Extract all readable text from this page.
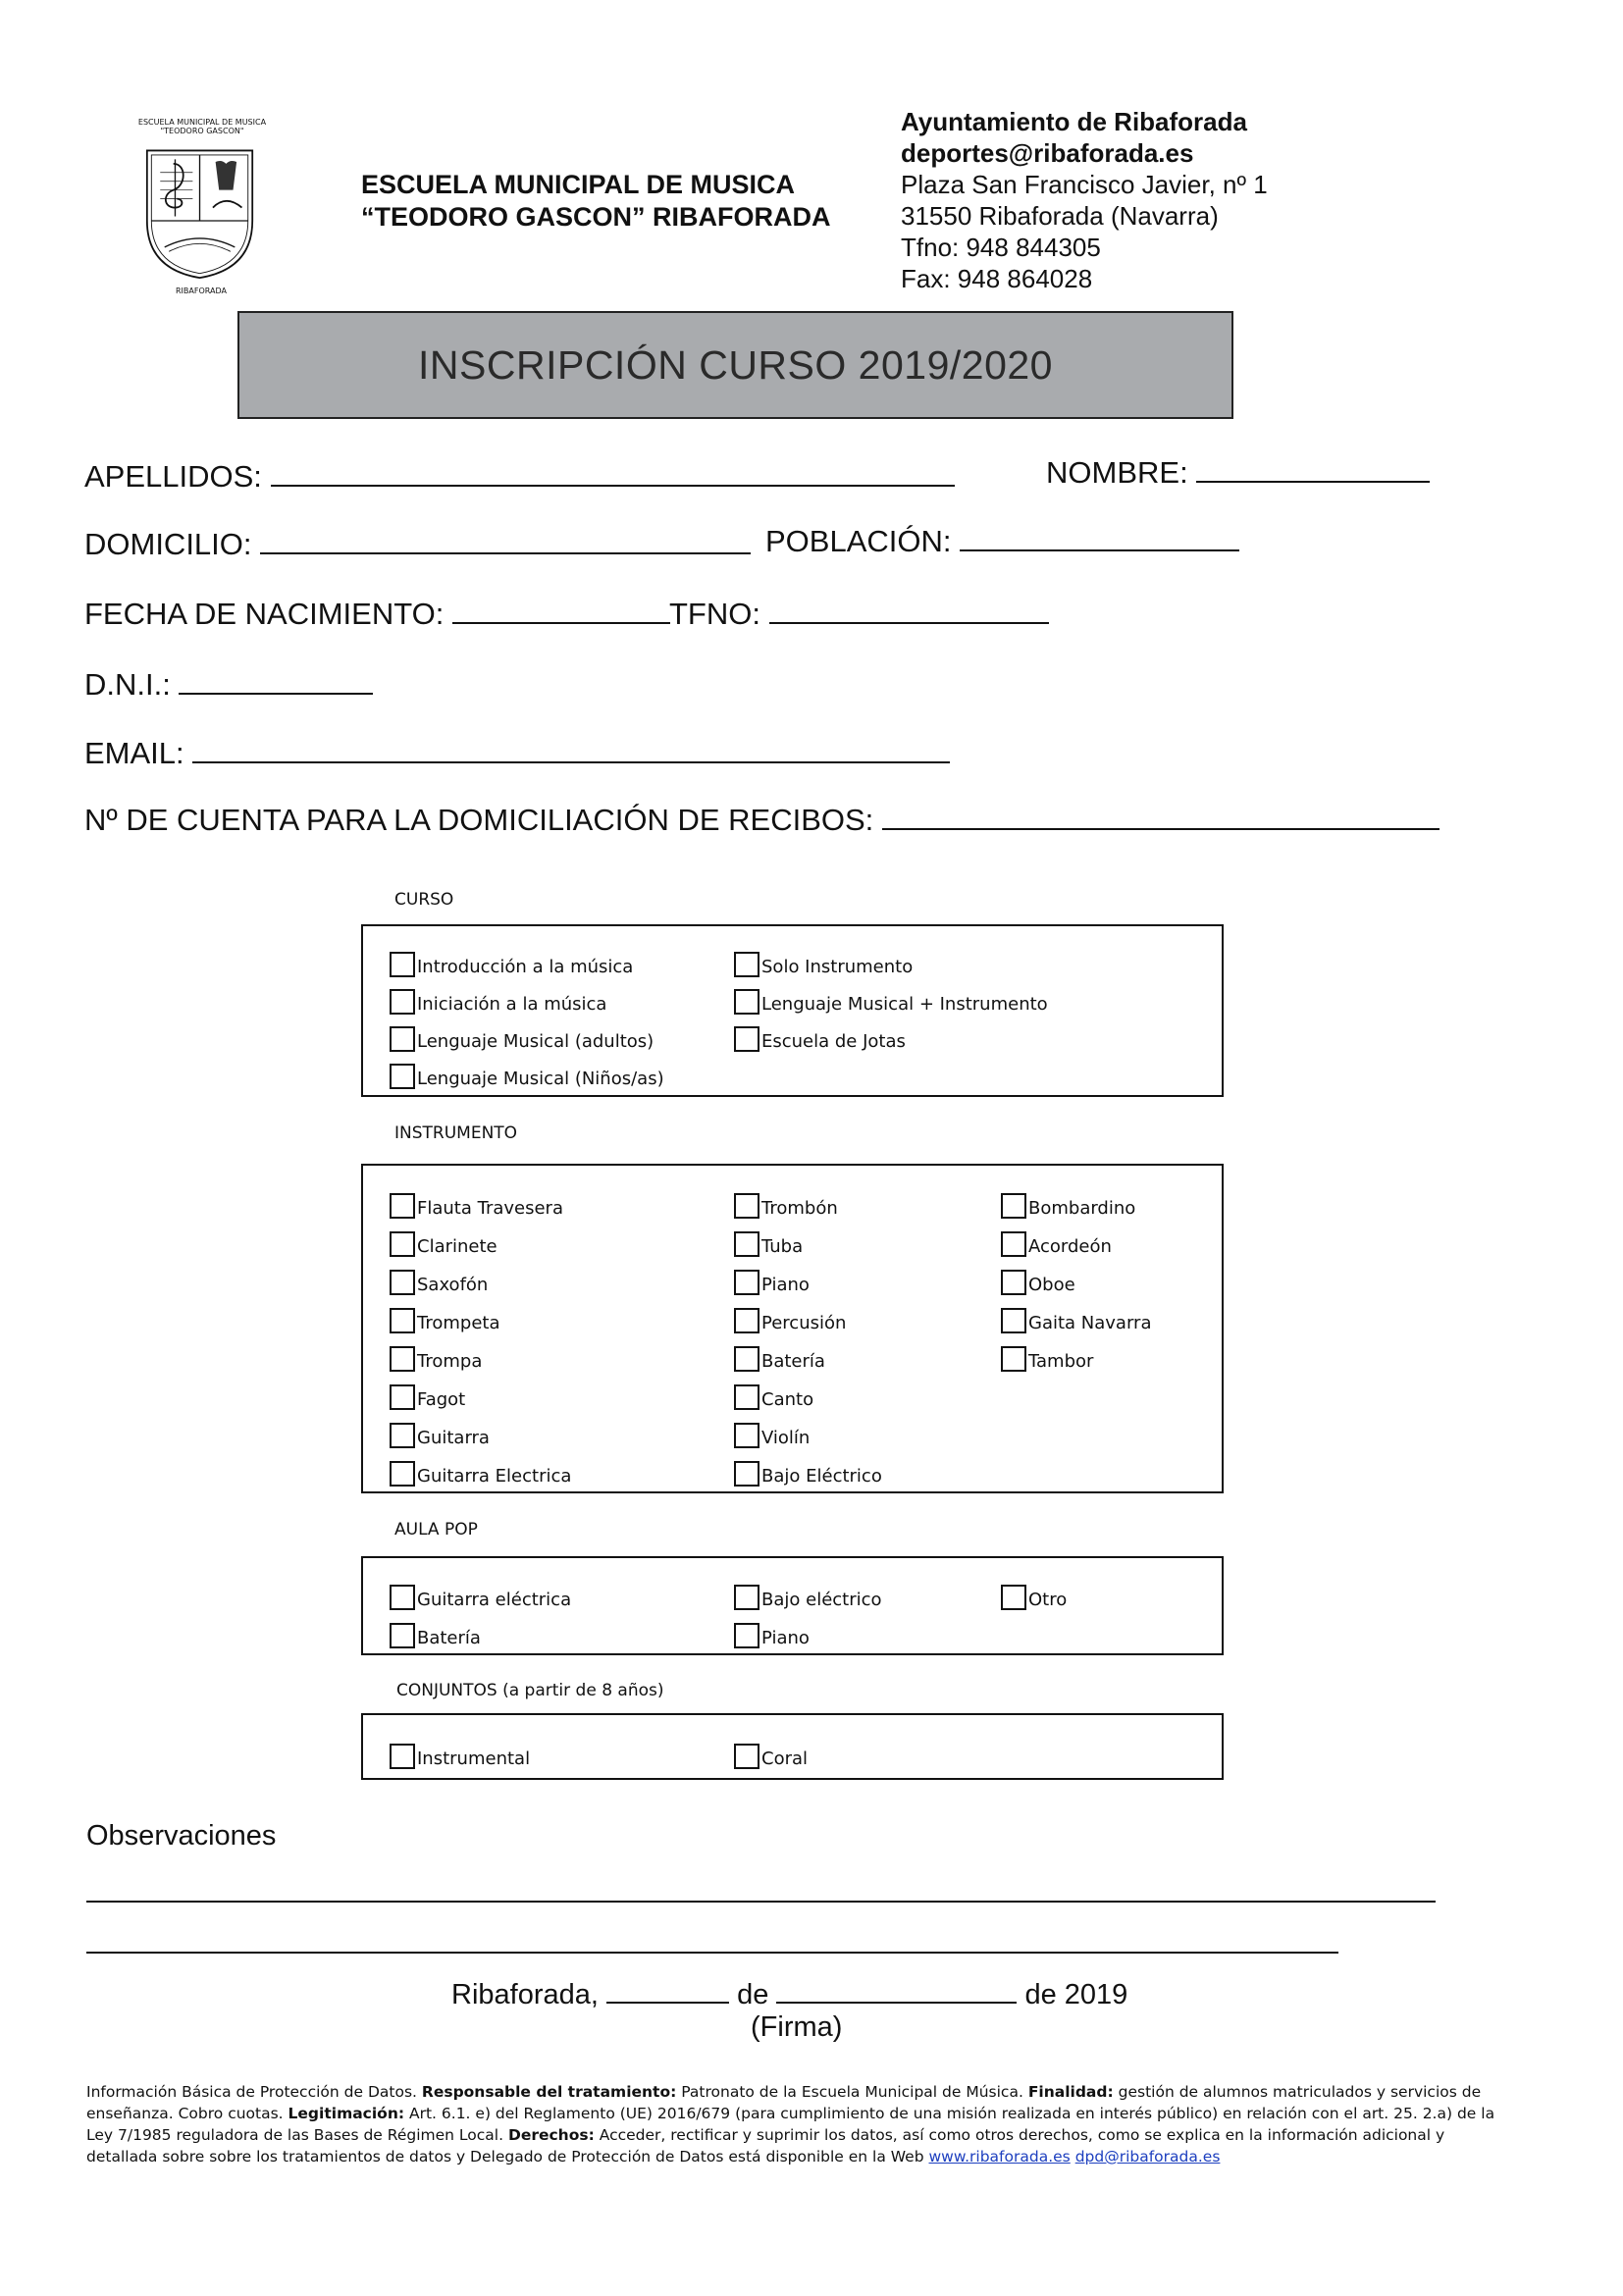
ESCUELA MUNICIPAL DE MUSICA
"TEODORO GASCON"
RIBAFORADA
ESCUELA MUNICIPAL DE MUSICA
“TEODORO GASCON” RIBAFORADA
Ayuntamiento de Ribaforada
deportes@ribaforada.es
Plaza San Francisco Javier, nº 1
31550 Ribaforada (Navarra)
Tfno: 948 844305
Fax: 948 864028
INSCRIPCIÓN CURSO 2019/2020
APELLIDOS:	NOMBRE:
DOMICILIO:	POBLACIÓN:
FECHA DE NACIMIENTO:	TFNO:
D.N.I.:
EMAIL:
Nº DE CUENTA PARA LA DOMICILIACIÓN DE RECIBOS:
CURSO
Introducción a la música
Iniciación a la música
Lenguaje Musical (adultos)
Lenguaje Musical (Niños/as)
Solo Instrumento
Lenguaje Musical + Instrumento
Escuela de Jotas
INSTRUMENTO
Flauta Travesera
Clarinete
Saxofón
Trompeta
Trompa
Fagot
Guitarra
Guitarra Electrica
Trombón
Tuba
Piano
Percusión
Batería
Canto
Violín
Bajo Eléctrico
Bombardino
Acordeón
Oboe
Gaita Navarra
Tambor
AULA POP
Guitarra eléctrica
Batería
Bajo eléctrico
Piano
Otro
CONJUNTOS (a partir de 8 años)
Instrumental	Coral
Observaciones
Ribaforada,	de	de 2019
(Firma)
Información Básica de Protección de Datos. Responsable del tratamiento: Patronato de la Escuela Municipal de Música. Finalidad: gestión de alumnos matriculados y servicios de enseñanza. Cobro cuotas. Legitimación: Art. 6.1. e) del Reglamento (UE) 2016/679 (para cumplimiento de una misión realizada en interés público) en relación con el art. 25. 2.a) de la Ley 7/1985 reguladora de las Bases de Régimen Local. Derechos: Acceder, rectificar y suprimir los datos, así como otros derechos, como se explica en la información adicional y detallada sobre sobre los tratamientos de datos y Delegado de Protección de Datos está disponible en la Web www.ribaforada.es dpd@ribaforada.es
